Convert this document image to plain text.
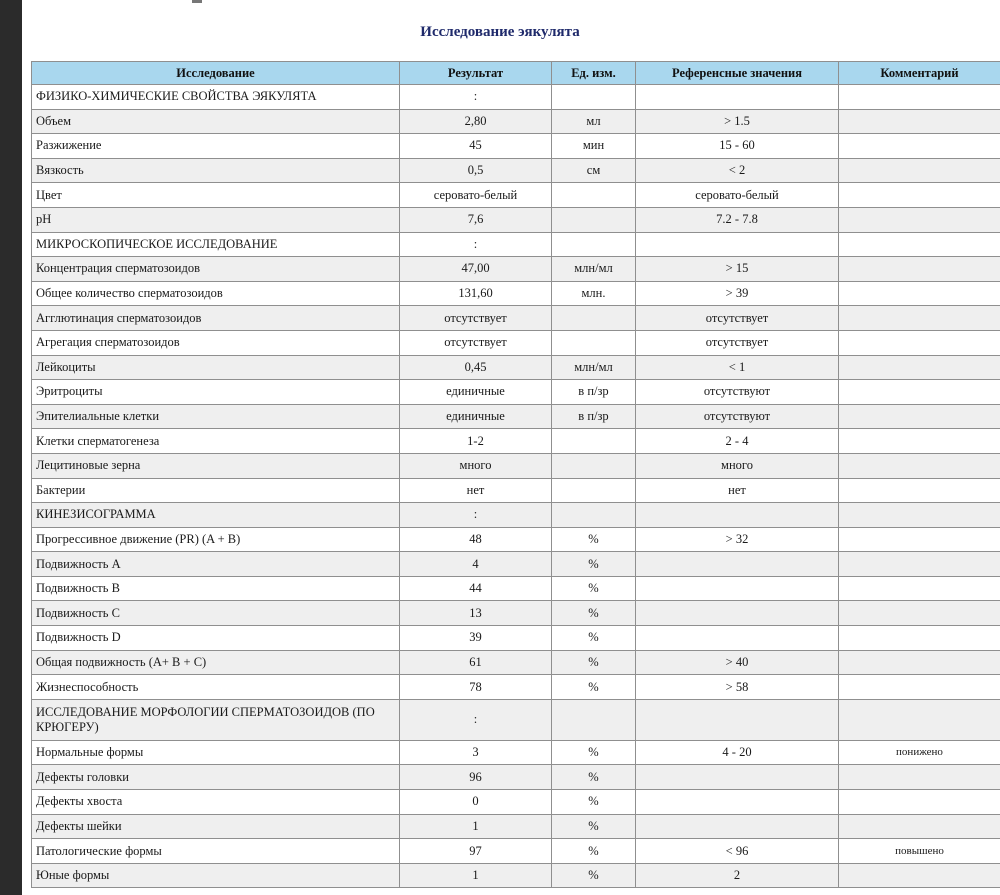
Исследование эякулята
Исследование	Результат	Ед. изм.	Референсные значения	Комментарий
ФИЗИКО-ХИМИЧЕСКИЕ СВОЙСТВА ЭЯКУЛЯТА	:			
Объем	2,80	мл	> 1.5	
Разжижение	45	мин	15 - 60	
Вязкость	0,5	см	< 2	
Цвет	серовато-белый		серовато-белый	
pH	7,6		7.2 - 7.8	
МИКРОСКОПИЧЕСКОЕ ИССЛЕДОВАНИЕ	:			
Концентрация сперматозоидов	47,00	млн/мл	> 15	
Общее количество сперматозоидов	131,60	млн.	> 39	
Агглютинация сперматозоидов	отсутствует		отсутствует	
Агрегация сперматозоидов	отсутствует		отсутствует	
Лейкоциты	0,45	млн/мл	< 1	
Эритроциты	единичные	в п/зр	отсутствуют	
Эпителиальные клетки	единичные	в п/зр	отсутствуют	
Клетки сперматогенеза	1-2		2 - 4	
Лецитиновые зерна	много		много	
Бактерии	нет		нет	
КИНЕЗИСОГРАММА	:			
Прогрессивное движение (PR) (A + B)	48	%	> 32	
Подвижность A	4	%		
Подвижность B	44	%		
Подвижность C	13	%		
Подвижность D	39	%		
Общая подвижность (A+ B + C)	61	%	> 40	
Жизнеспособность	78	%	> 58	
ИССЛЕДОВАНИЕ МОРФОЛОГИИ СПЕРМАТОЗОИДОВ (ПО КРЮГЕРУ)	:			
Нормальные формы	3	%	4 - 20	понижено
Дефекты головки	96	%		
Дефекты хвоста	0	%		
Дефекты шейки	1	%		
Патологические формы	97	%	< 96	повышено
Юные формы	1	%	2	
